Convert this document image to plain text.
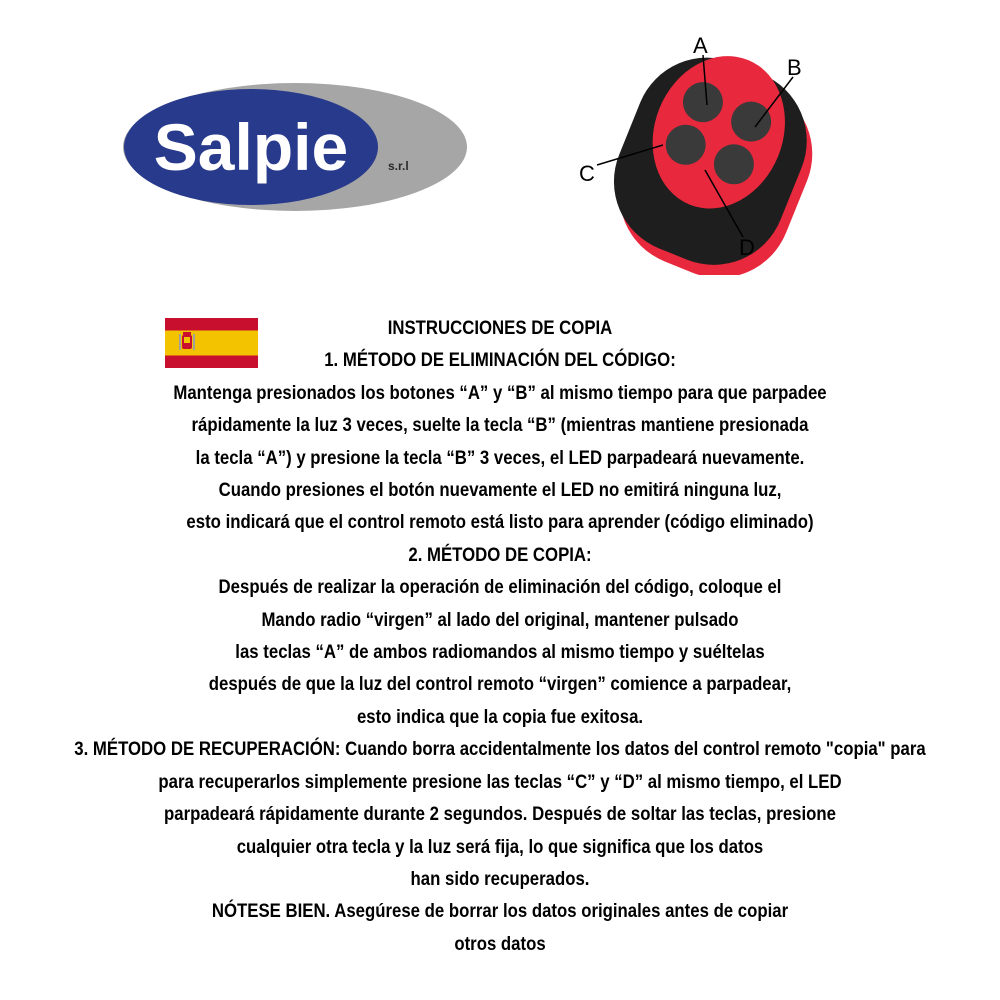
Salpie	s.r.l
A
B
C
D
INSTRUCCIONES DE COPIA
1. MÉTODO DE ELIMINACIÓN DEL CÓDIGO:
Mantenga presionados los botones “A” y “B” al mismo tiempo para que parpadee
rápidamente la luz 3 veces, suelte la tecla “B” (mientras mantiene presionada
la tecla “A”) y presione la tecla “B” 3 veces, el LED parpadeará nuevamente.
Cuando presiones el botón nuevamente el LED no emitirá ninguna luz,
esto indicará que el control remoto está listo para aprender (código eliminado)
2. MÉTODO DE COPIA:
Después de realizar la operación de eliminación del código, coloque el
Mando radio “virgen” al lado del original, mantener pulsado
las teclas “A” de ambos radiomandos al mismo tiempo y suéltelas
después de que la luz del control remoto “virgen” comience a parpadear,
esto indica que la copia fue exitosa.
3. MÉTODO DE RECUPERACIÓN: Cuando borra accidentalmente los datos del control remoto "copia" para
para recuperarlos simplemente presione las teclas “C” y “D” al mismo tiempo, el LED
parpadeará rápidamente durante 2 segundos. Después de soltar las teclas, presione
cualquier otra tecla y la luz será fija, lo que significa que los datos
han sido recuperados.
NÓTESE BIEN. Asegúrese de borrar los datos originales antes de copiar
otros datos
